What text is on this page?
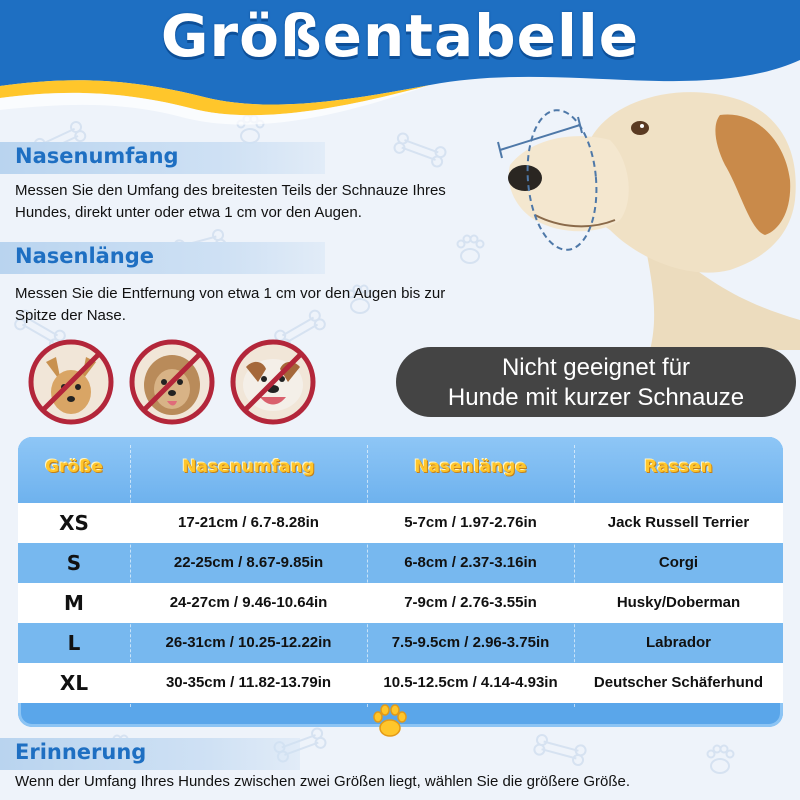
Größentabelle
Nasenumfang
Messen Sie den Umfang des breitesten Teils der Schnauze Ihres
Hundes, direkt unter oder etwa 1 cm vor den Augen.
Nasenlänge
Messen Sie die Entfernung von etwa 1 cm vor den Augen bis zur
Spitze der Nase.
Nicht geeignet für
Hunde mit kurzer Schnauze
Größe	Nasenumfang	Nasenlänge	Rassen
XS	17-21cm / 6.7-8.28in	5-7cm / 1.97-2.76in	Jack Russell Terrier
S	22-25cm / 8.67-9.85in	6-8cm / 2.37-3.16in	Corgi
M	24-27cm / 9.46-10.64in	7-9cm / 2.76-3.55in	Husky/Doberman
L	26-31cm / 10.25-12.22in	7.5-9.5cm / 2.96-3.75in	Labrador
XL	30-35cm / 11.82-13.79in	10.5-12.5cm / 4.14-4.93in	Deutscher Schäferhund
Erinnerung
Wenn der Umfang Ihres Hundes zwischen zwei Größen liegt, wählen Sie die größere Größe.
